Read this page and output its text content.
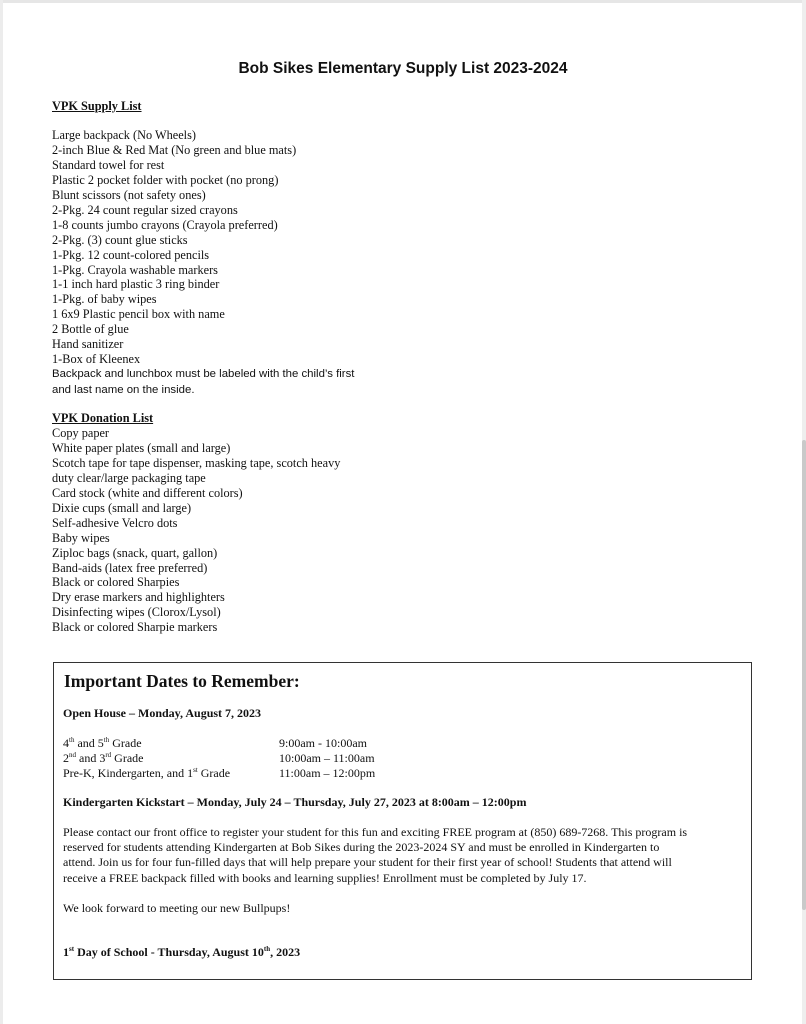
Bob Sikes Elementary Supply List 2023-2024
VPK Supply List
Large backpack (No Wheels)
2-inch Blue & Red Mat (No green and blue mats)
Standard towel for rest
Plastic 2 pocket folder with pocket (no prong)
Blunt scissors (not safety ones)
2-Pkg. 24 count regular sized crayons
1-8 counts jumbo crayons (Crayola preferred)
2-Pkg. (3) count glue sticks
1-Pkg. 12 count-colored pencils
1-Pkg. Crayola washable markers
1-1 inch hard plastic 3 ring binder
1-Pkg. of baby wipes
1 6x9 Plastic pencil box with name
2 Bottle of glue
Hand sanitizer
1-Box of Kleenex
Backpack and lunchbox must be labeled with the child’s first
and last name on the inside.
VPK Donation List
Copy paper
White paper plates (small and large)
Scotch tape for tape dispenser, masking tape, scotch heavy
duty clear/large packaging tape
Card stock (white and different colors)
Dixie cups (small and large)
Self-adhesive Velcro dots
Baby wipes
Ziploc bags (snack, quart, gallon)
Band-aids (latex free preferred)
Black or colored Sharpies
Dry erase markers and highlighters
Disinfecting wipes (Clorox/Lysol)
Black or colored Sharpie markers
Important Dates to Remember:
Open House – Monday, August 7, 2023
4th and 5th Grade	9:00am - 10:00am
2nd and 3rd Grade	10:00am – 11:00am
Pre-K, Kindergarten, and 1st Grade	11:00am – 12:00pm
Kindergarten Kickstart – Monday, July 24 – Thursday, July 27, 2023 at 8:00am – 12:00pm
Please contact our front office to register your student for this fun and exciting FREE program at (850) 689-7268. This program is
reserved for students attending Kindergarten at Bob Sikes during the 2023-2024 SY and must be enrolled in Kindergarten to
attend. Join us for four fun-filled days that will help prepare your student for their first year of school! Students that attend will
receive a FREE backpack filled with books and learning supplies! Enrollment must be completed by July 17.
We look forward to meeting our new Bullpups!
1st Day of School - Thursday, August 10th, 2023
